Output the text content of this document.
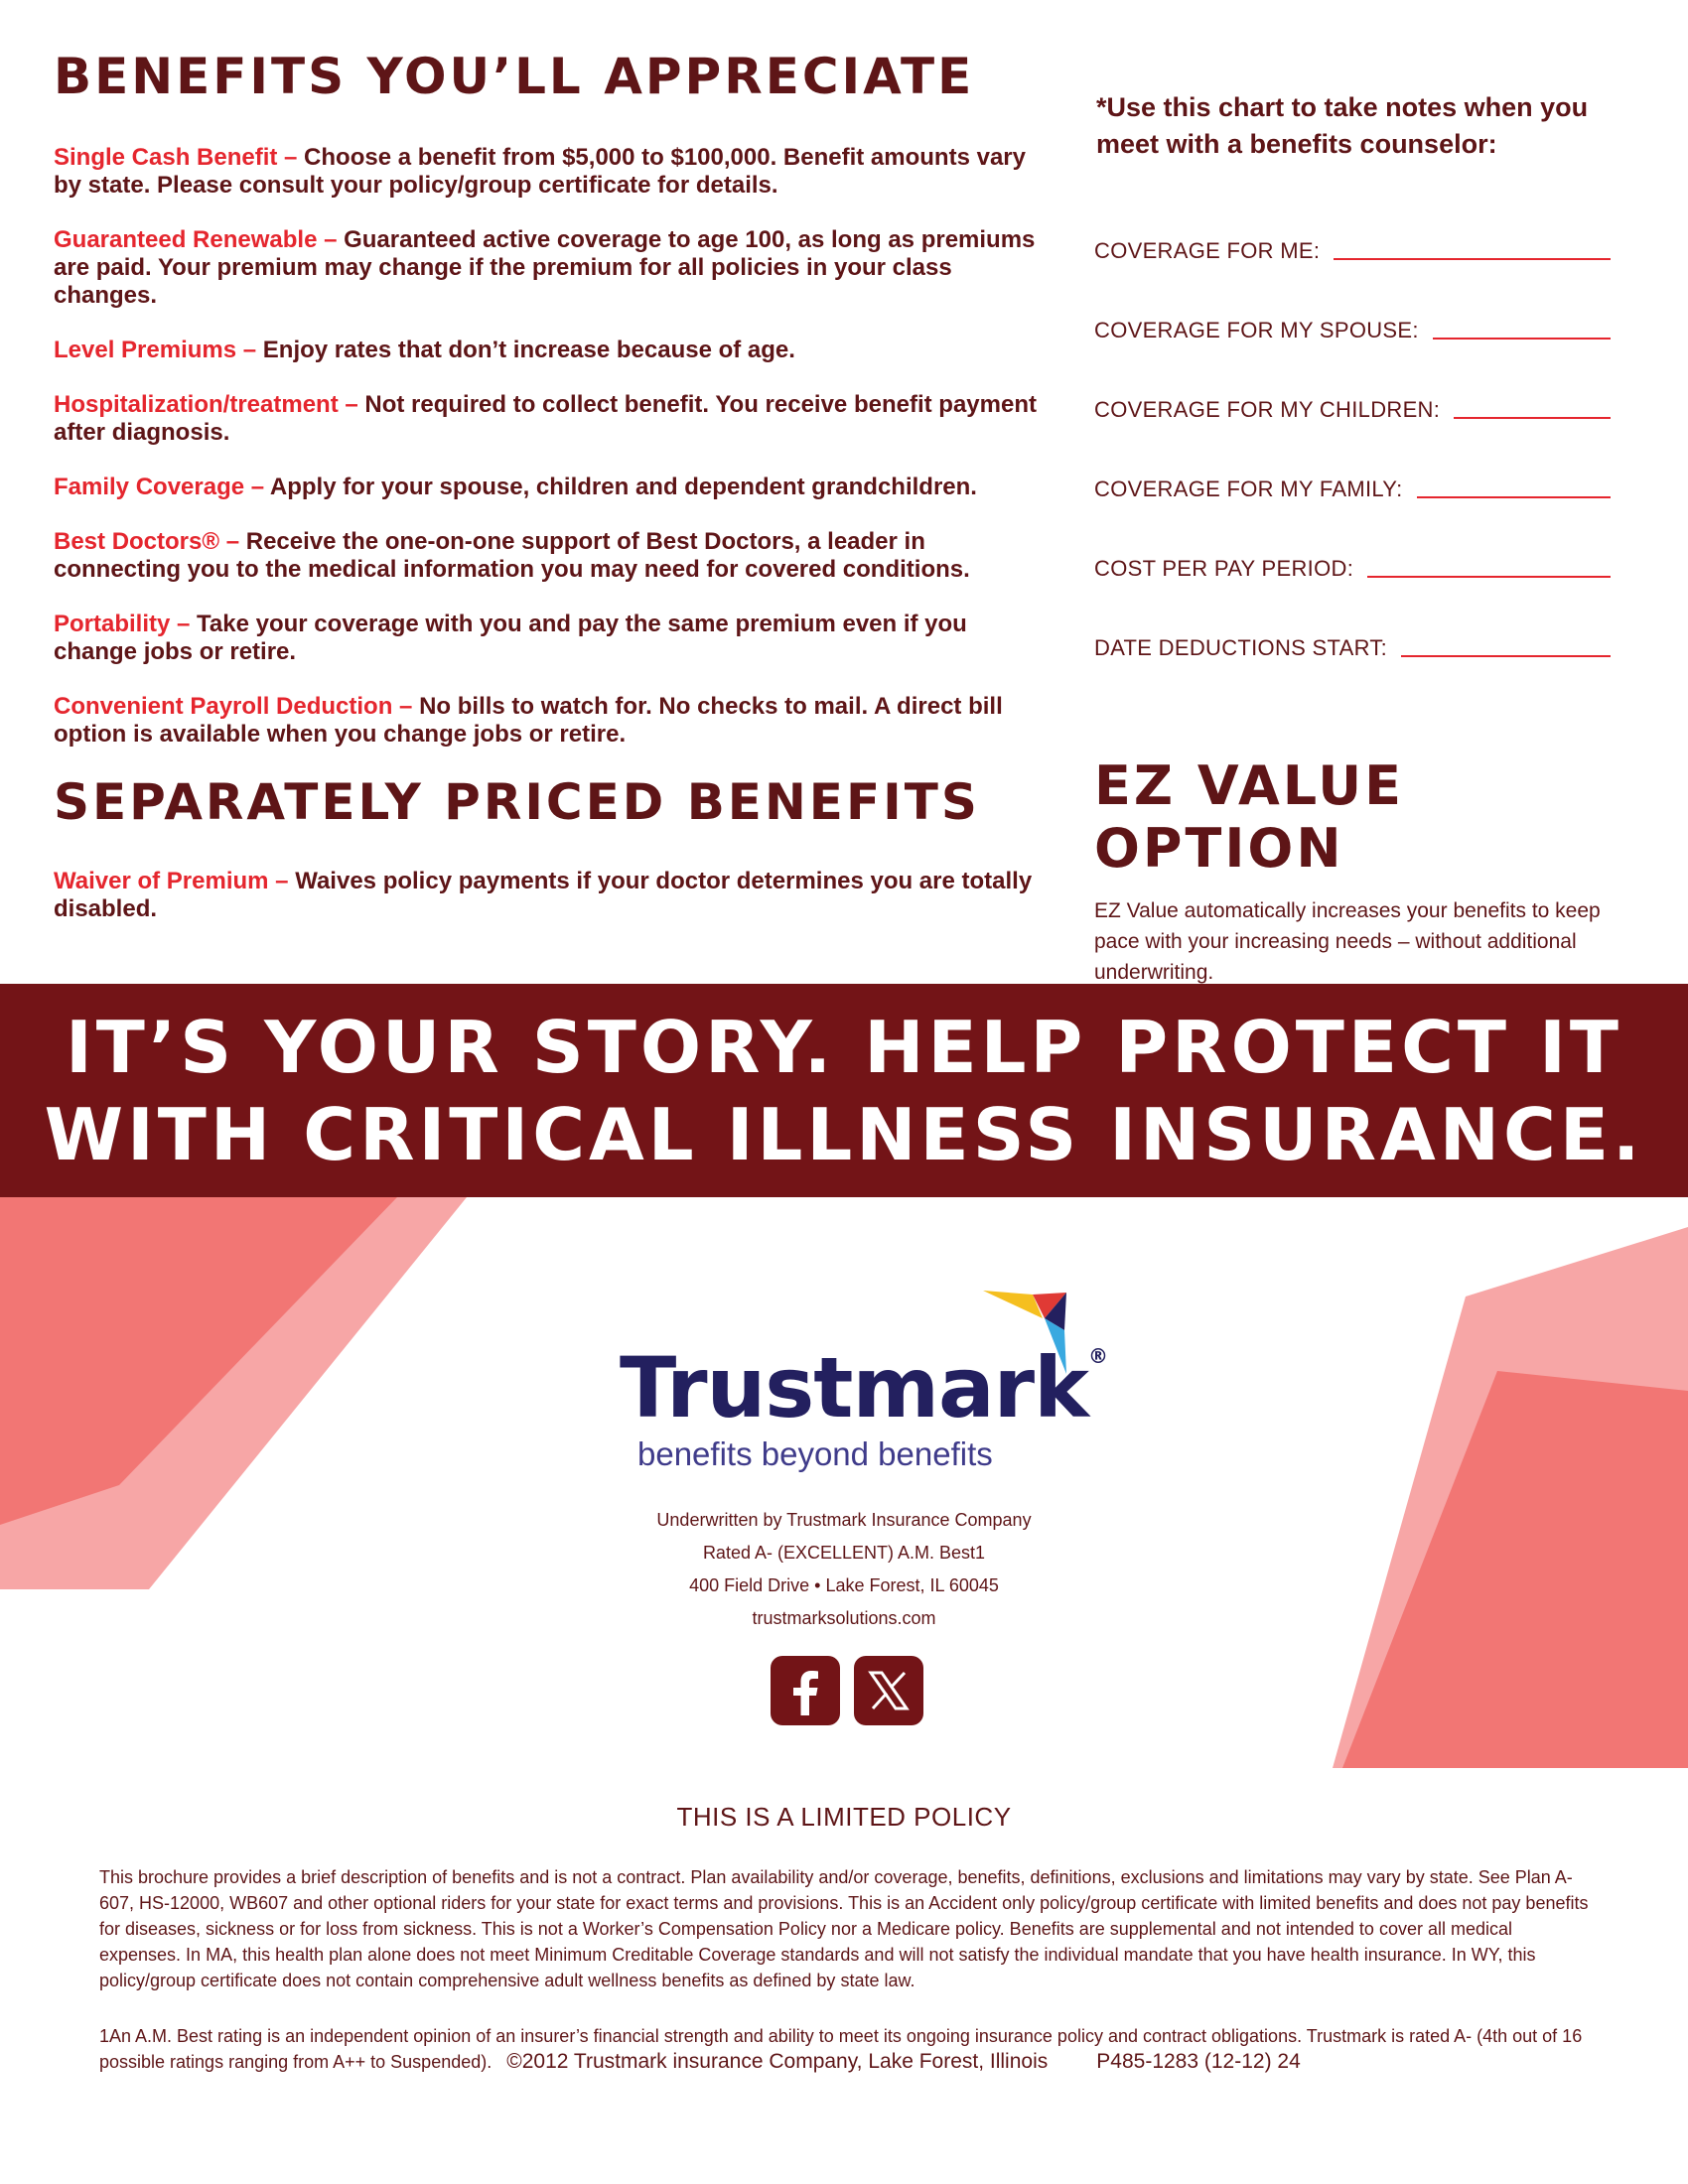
BENEFITS YOU’LL APPRECIATE

Single Cash Benefit – Choose a benefit from $5,000 to $100,000. Benefit amounts vary by state. Please consult your policy/group certificate for details.

Guaranteed Renewable – Guaranteed active coverage to age 100, as long as premiums are paid. Your premium may change if the premium for all policies in your class changes.

Level Premiums – Enjoy rates that don’t increase because of age.

Hospitalization/treatment – Not required to collect benefit. You receive benefit payment after diagnosis.

Family Coverage – Apply for your spouse, children and dependent grandchildren.

Best Doctors® – Receive the one-on-one support of Best Doctors, a leader in connecting you to the medical information you may need for covered conditions.

Portability – Take your coverage with you and pay the same premium even if you change jobs or retire.

Convenient Payroll Deduction – No bills to watch for. No checks to mail. A direct bill option is available when you change jobs or retire.

SEPARATELY PRICED BENEFITS

Waiver of Premium – Waives policy payments if your doctor determines you are totally disabled.

*Use this chart to take notes when you meet with a benefits counselor:
COVERAGE FOR ME:
COVERAGE FOR MY SPOUSE:
COVERAGE FOR MY CHILDREN:
COVERAGE FOR MY FAMILY:
COST PER PAY PERIOD:
DATE DEDUCTIONS START:
EZ VALUE OPTION
EZ Value automatically increases your benefits to keep pace with your increasing needs – without additional underwriting.
IT’S YOUR STORY. HELP PROTECT IT
WITH CRITICAL ILLNESS INSURANCE.
Trustmark®
benefits beyond benefits
Underwritten by Trustmark Insurance Company
Rated A- (EXCELLENT) A.M. Best1
400 Field Drive • Lake Forest, IL 60045
trustmarksolutions.com
THIS IS A LIMITED POLICY
This brochure provides a brief description of benefits and is not a contract. Plan availability and/or coverage, benefits, definitions, exclusions and limitations may vary by state. See Plan A-607, HS-12000, WB607 and other optional riders for your state for exact terms and provisions. This is an Accident only policy/group certificate with limited benefits and does not pay benefits for diseases, sickness or for loss from sickness. This is not a Worker’s Compensation Policy nor a Medicare policy. Benefits are supplemental and not intended to cover all medical expenses. In MA, this health plan alone does not meet Minimum Creditable Coverage standards and will not satisfy the individual mandate that you have health insurance. In WY, this policy/group certificate does not contain comprehensive adult wellness benefits as defined by state law.
1An A.M. Best rating is an independent opinion of an insurer’s financial strength and ability to meet its ongoing insurance policy and contract obligations. Trustmark is rated A- (4th out of 16 possible ratings ranging from A++ to Suspended). ©2012 Trustmark insurance Company, Lake Forest, Illinois P485-1283 (12-12) 24
